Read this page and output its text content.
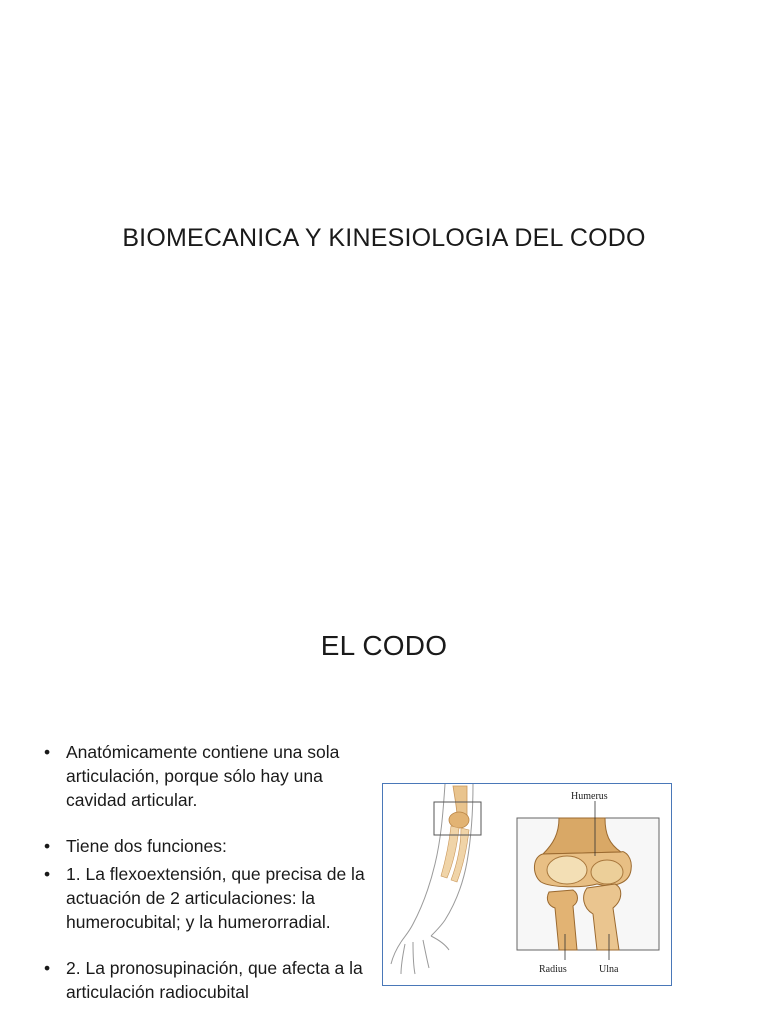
BIOMECANICA Y KINESIOLOGIA DEL CODO
EL CODO
• Anatómicamente contiene una sola articulación, porque sólo hay una cavidad articular.
• Tiene dos funciones:
• 1. La flexoextensión, que precisa de la actuación de 2 articulaciones: la humerocubital; y la humerorradial.
• 2. La pronosupinación, que afecta a la articulación radiocubital
Humerus
Radius	Ulna
